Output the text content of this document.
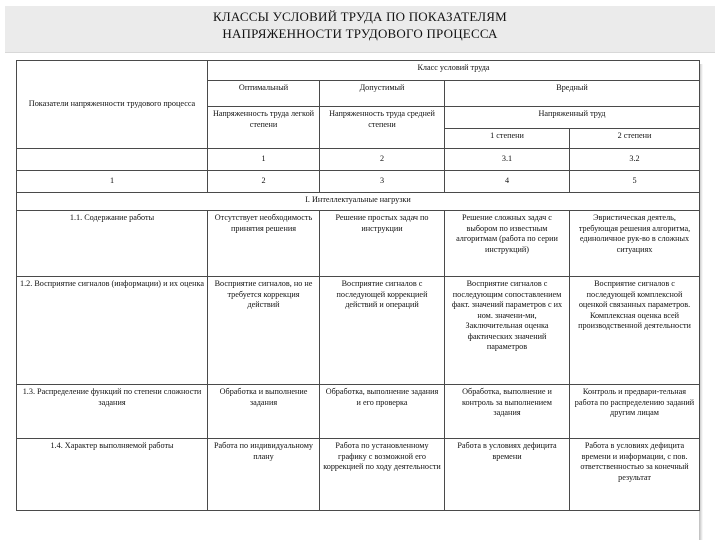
КЛАССЫ УСЛОВИЙ ТРУДА ПО ПОКАЗАТЕЛЯМ
НАПРЯЖЕННОСТИ ТРУДОВОГО ПРОЦЕССА
Показатели напряженности трудового процесса	Класс условий труда			
	Оптимальный	Допустимый	Вредный	
	Напряженность труда легкой степени	Напряженность труда средней степени	Напряженный труд	
			1 степени	2 степени
	1	2	3.1	3.2
1	2	3	4	5
I. Интеллектуальные нагрузки				
1.1. Содержание работы	Отсутствует необходимость принятия решения	Решение простых задач по инструкции	Решение сложных задач с выбором по известным алгоритмам (работа по серии инструкций)	Эвристическая деятель, требующая решения алгоритма, единоличное рук-во в сложных ситуациях
1.2. Восприятие сигналов (информации) и их оценка	Восприятие сигналов, но не требуется коррекция действий	Восприятие сигналов с последующей коррекцией действий и операций	Восприятие сигналов с последующим сопоставлением факт. значений параметров с их ном. значени-ми, Заключительная оценка фактических значений параметров	Восприятие сигналов с последующей комплексной оценкой связанных параметров. Комплексная оценка всей производственной деятельности
1.3. Распределение функций по степени сложности задания	Обработка и выполнение задания	Обработка, выполнение задания и его проверка	Обработка, выполнение и контроль за выполнением задания	Контроль и предвари-тельная работа по распределению заданий другим лицам
1.4. Характер выполняемой работы	Работа по индивидуальному плану	Работа по установленному графику с возможной его коррекцией по ходу деятельности	Работа в условиях дефицита времени	Работа в условиях дефицита времени и информации, с пов. ответственностью за конечный результат
